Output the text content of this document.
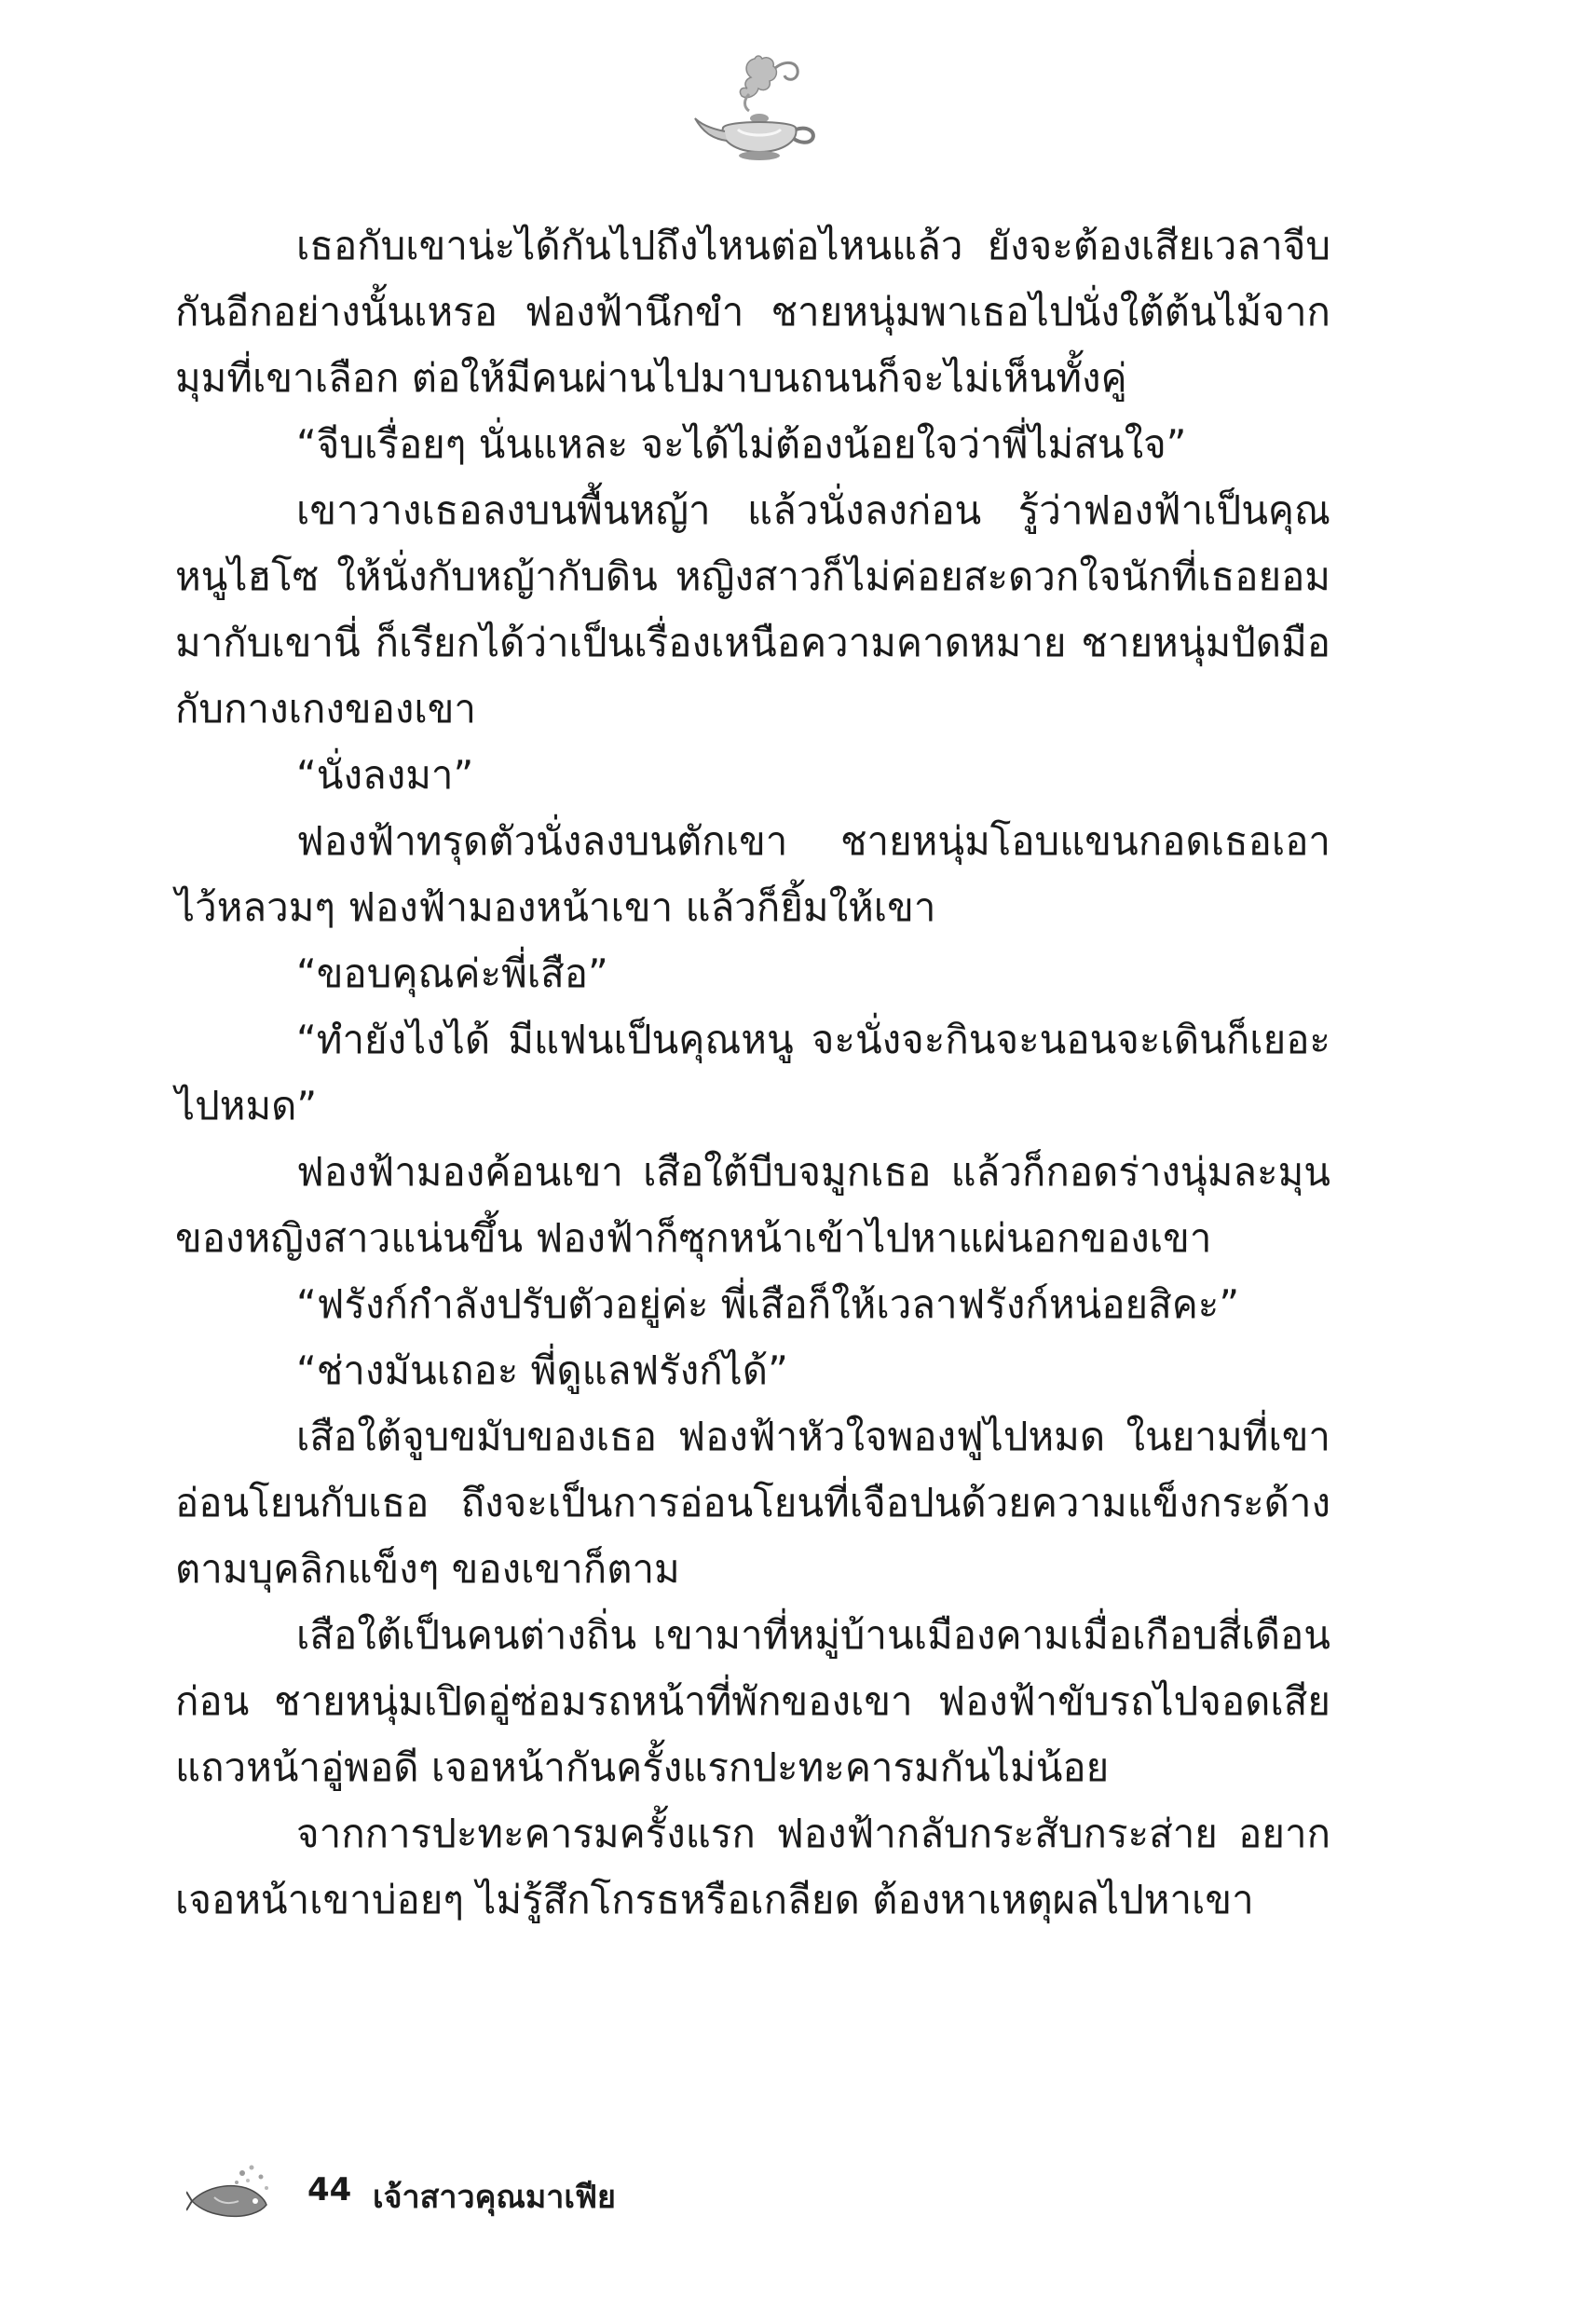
เธอกับเขาน่ะได้กันไปถึงไหนต่อไหนแล้ว ยังจะต้องเสียเวลาจีบกันอีกอย่างนั้นเหรอ ฟองฟ้านึกขำ ชายหนุ่มพาเธอไปนั่งใต้ต้นไม้จากมุมที่เขาเลือก ต่อให้มีคนผ่านไปมาบนถนนก็จะไม่เห็นทั้งคู่

“จีบเรื่อยๆ นั่นแหละ จะได้ไม่ต้องน้อยใจว่าพี่ไม่สนใจ”

เขาวางเธอลงบนพื้นหญ้า แล้วนั่งลงก่อน รู้ว่าฟองฟ้าเป็นคุณหนูไฮโซ ให้นั่งกับหญ้ากับดิน หญิงสาวก็ไม่ค่อยสะดวกใจนักที่เธอยอมมากับเขานี่ ก็เรียกได้ว่าเป็นเรื่องเหนือความคาดหมาย ชายหนุ่มปัดมือกับกางเกงของเขา

“นั่งลงมา”

ฟองฟ้าทรุดตัวนั่งลงบนตักเขา ชายหนุ่มโอบแขนกอดเธอเอาไว้หลวมๆ ฟองฟ้ามองหน้าเขา แล้วก็ยิ้มให้เขา

“ขอบคุณค่ะพี่เสือ”

“ทำยังไงได้ มีแฟนเป็นคุณหนู จะนั่งจะกินจะนอนจะเดินก็เยอะไปหมด”

ฟองฟ้ามองค้อนเขา เสือใต้บีบจมูกเธอ แล้วก็กอดร่างนุ่มละมุนของหญิงสาวแน่นขึ้น ฟองฟ้าก็ซุกหน้าเข้าไปหาแผ่นอกของเขา

“ฟรังก์กำลังปรับตัวอยู่ค่ะ พี่เสือก็ให้เวลาฟรังก์หน่อยสิคะ”

“ช่างมันเถอะ พี่ดูแลฟรังก์ได้”

เสือใต้จูบขมับของเธอ ฟองฟ้าหัวใจพองฟูไปหมด ในยามที่เขาอ่อนโยนกับเธอ ถึงจะเป็นการอ่อนโยนที่เจือปนด้วยความแข็งกระด้างตามบุคลิกแข็งๆ ของเขาก็ตาม

เสือใต้เป็นคนต่างถิ่น เขามาที่หมู่บ้านเมืองคามเมื่อเกือบสี่เดือนก่อน ชายหนุ่มเปิดอู่ซ่อมรถหน้าที่พักของเขา ฟองฟ้าขับรถไปจอดเสียแถวหน้าอู่พอดี เจอหน้ากันครั้งแรกปะทะคารมกันไม่น้อย

จากการปะทะคารมครั้งแรก ฟองฟ้ากลับกระสับกระส่าย อยากเจอหน้าเขาบ่อยๆ ไม่รู้สึกโกรธหรือเกลียด ต้องหาเหตุผลไปหาเขา

44 เจ้าสาวคุณมาเฟีย
